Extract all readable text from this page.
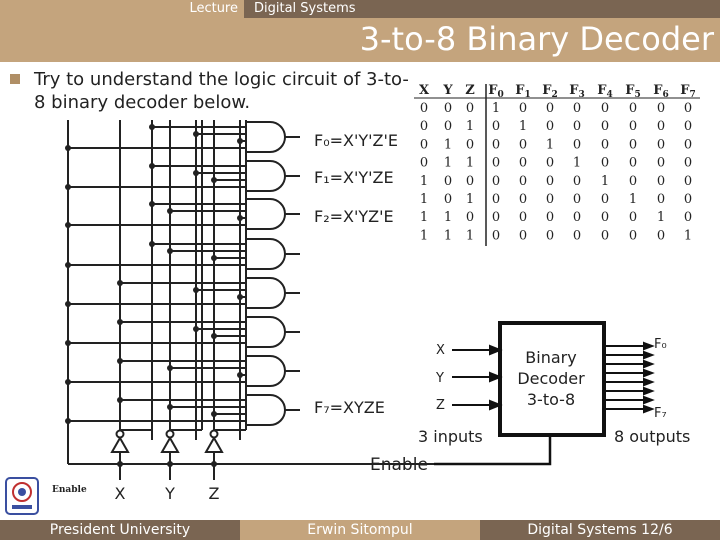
Lecture Digital Systems
3-to-8 Binary Decoder
Try to understand the logic circuit of 3-to-8 binary decoder below.
X Y Z
Enable
Enable
F₀=X'Y'Z'E
F₁=X'Y'ZE
F₂=X'YZ'E
F₇=XYZE
X Y Z $F_0$ $F_1$ $F_2$ $F_3$ $F_4$ $F_5$ $F_6$ $F_7$
0 0 0 1 0 0 0 0 0 0 0
0 0 1 0 1 0 0 0 0 0 0
0 1 0 0 0 1 0 0 0 0 0
0 1 1 0 0 0 1 0 0 0 0
1 0 0 0 0 0 0 1 0 0 0
1 0 1 0 0 0 0 0 1 0 0
1 1 0 0 0 0 0 0 0 1 0
1 1 1 0 0 0 0 0 0 0 1
Binary
Decoder
3-to-8
X
Y
Z
3 inputs
F₀
F₇
8 outputs
President University	Erwin Sitompul	Digital Systems 12/6
